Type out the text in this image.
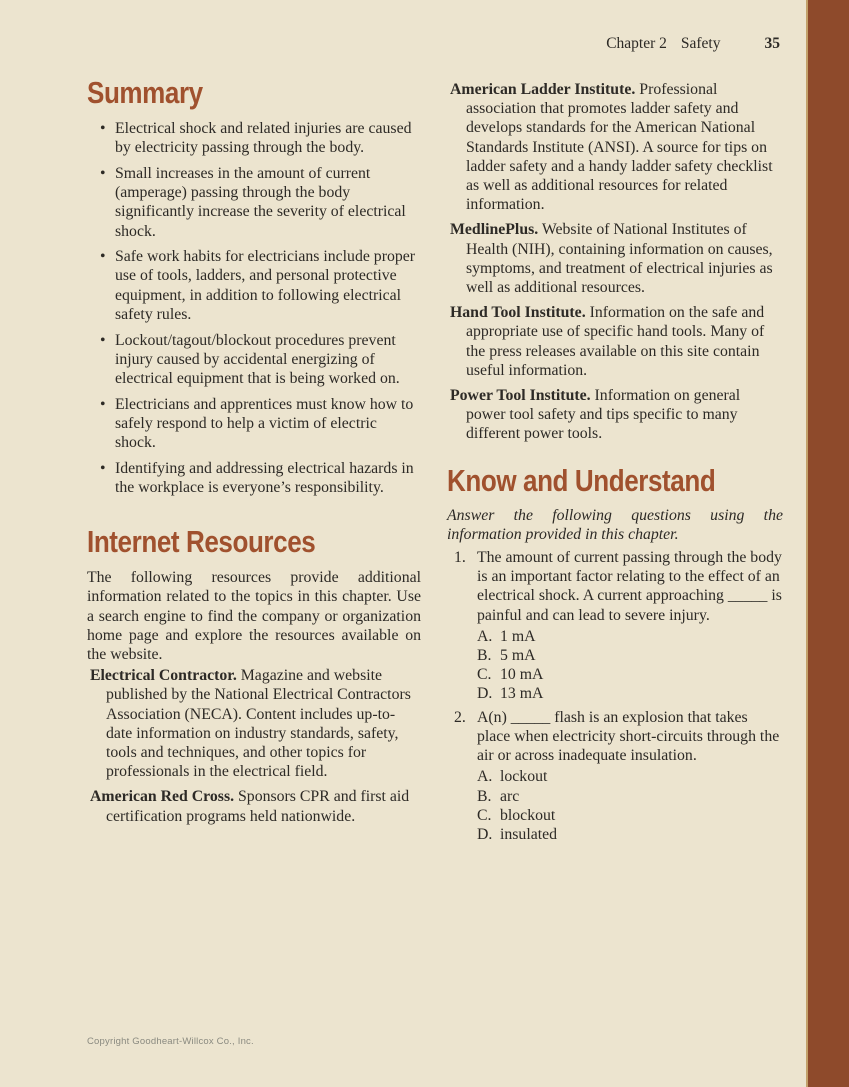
Chapter 2 Safety	35
Summary
• Electrical shock and related injuries are caused by electricity passing through the body.
• Small increases in the amount of current (amperage) passing through the body significantly increase the severity of electrical shock.
• Safe work habits for electricians include proper use of tools, ladders, and personal protective equipment, in addition to following electrical safety rules.
• Lockout/tagout/blockout procedures prevent injury caused by accidental energizing of electrical equipment that is being worked on.
• Electricians and apprentices must know how to safely respond to help a victim of electric shock.
• Identifying and addressing electrical hazards in the workplace is everyone’s responsibility.
Internet Resources

The following resources provide additional information related to the topics in this chapter. Use a search engine to find the company or organization home page and explore the resources available on the website.

Electrical Contractor. Magazine and website published by the National Electrical Contractors Association (NECA). Content includes up-to-date information on industry standards, safety, tools and techniques, and other topics for professionals in the electrical field.

American Red Cross. Sponsors CPR and first aid certification programs held nationwide.

American Ladder Institute. Professional association that promotes ladder safety and develops standards for the American National Standards Institute (ANSI). A source for tips on ladder safety and a handy ladder safety checklist as well as additional resources for related information.

MedlinePlus. Website of National Institutes of Health (NIH), containing information on causes, symptoms, and treatment of electrical injuries as well as additional resources.

Hand Tool Institute. Information on the safe and appropriate use of specific hand tools. Many of the press releases available on this site contain useful information.

Power Tool Institute. Information on general power tool safety and tips specific to many different power tools.

Know and Understand

Answer the following questions using the information provided in this chapter.

1. The amount of current passing through the body is an important factor relating to the effect of an electrical shock. A current approaching _____ is painful and can lead to severe injury.
A. 1 mA
B. 5 mA
C. 10 mA
D. 13 mA
2. A(n) _____ flash is an explosion that takes place when electricity short-circuits through the air or across inadequate insulation.
A. lockout
B. arc
C. blockout
D. insulated
Copyright Goodheart-Willcox Co., Inc.
